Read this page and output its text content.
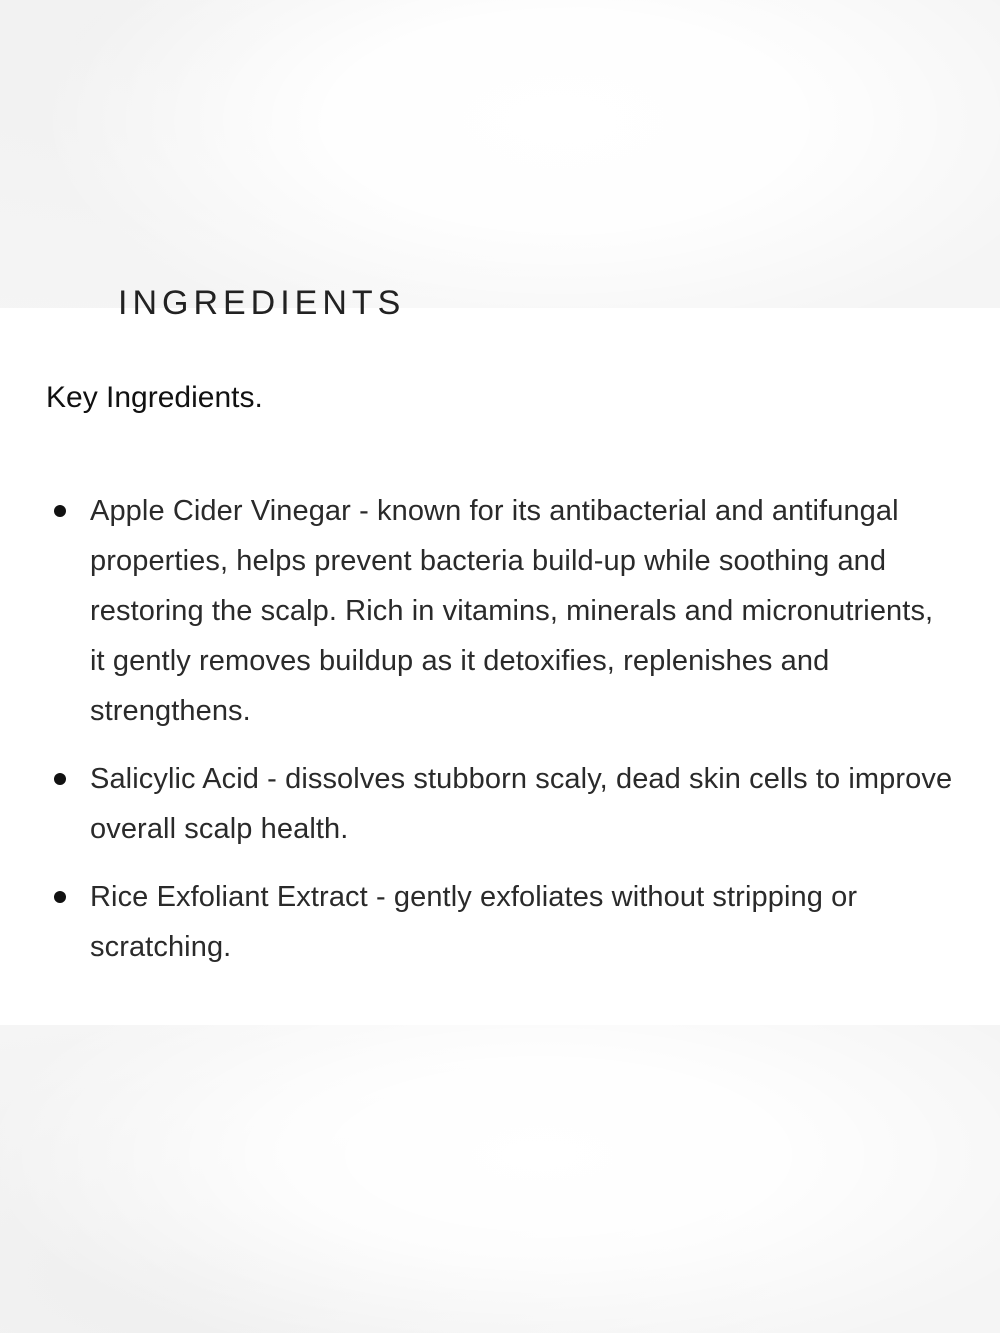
INGREDIENTS
Key Ingredients.
Apple Cider Vinegar - known for its antibacterial and antifungal properties, helps prevent bacteria build-up while soothing and restoring the scalp. Rich in vitamins, minerals and micronutrients, it gently removes buildup as it detoxifies, replenishes and strengthens.
Salicylic Acid - dissolves stubborn scaly, dead skin cells to improve overall scalp health.
Rice Exfoliant Extract - gently exfoliates without stripping or scratching.
